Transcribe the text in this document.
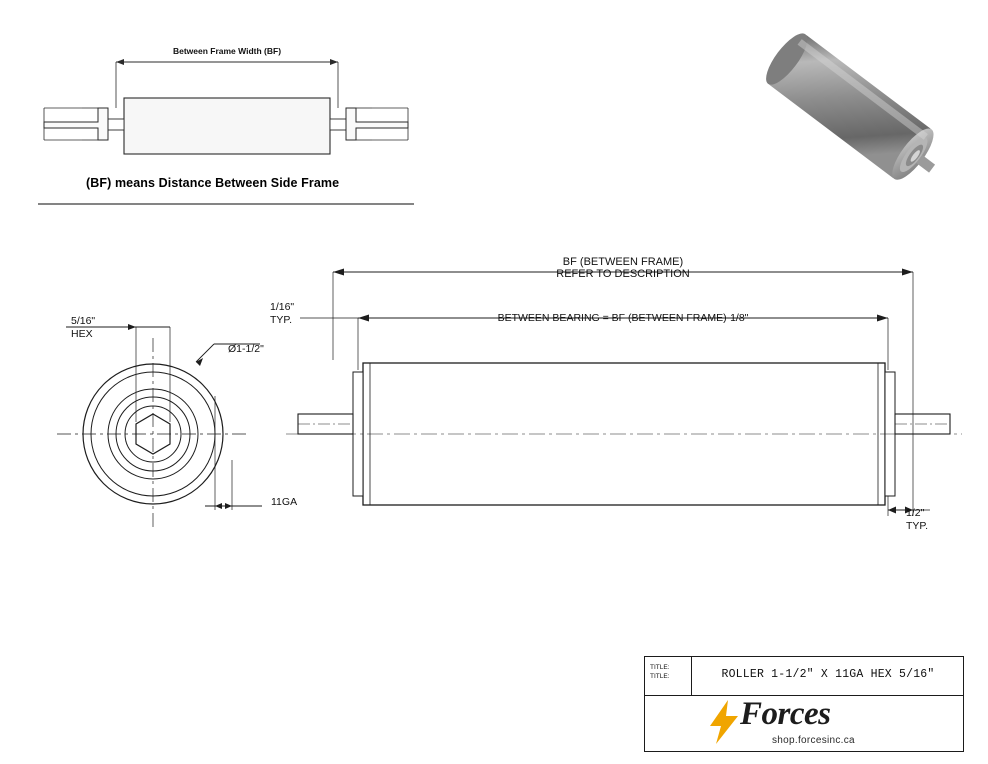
Between Frame Width (BF)
(BF) means Distance Between Side Frame
BF (BETWEEN FRAME)
REFER TO DESCRIPTION
BETWEEN BEARING = BF (BETWEEN FRAME)-1/8"
1/16"
TYP.
1/2"
TYP.
5/16"
HEX
Ø1-1/2"
11GA
TITLE:
TITLE:	ROLLER 1-1/2" X 11GA HEX 5/16"
Forces
shop.forcesinc.ca
